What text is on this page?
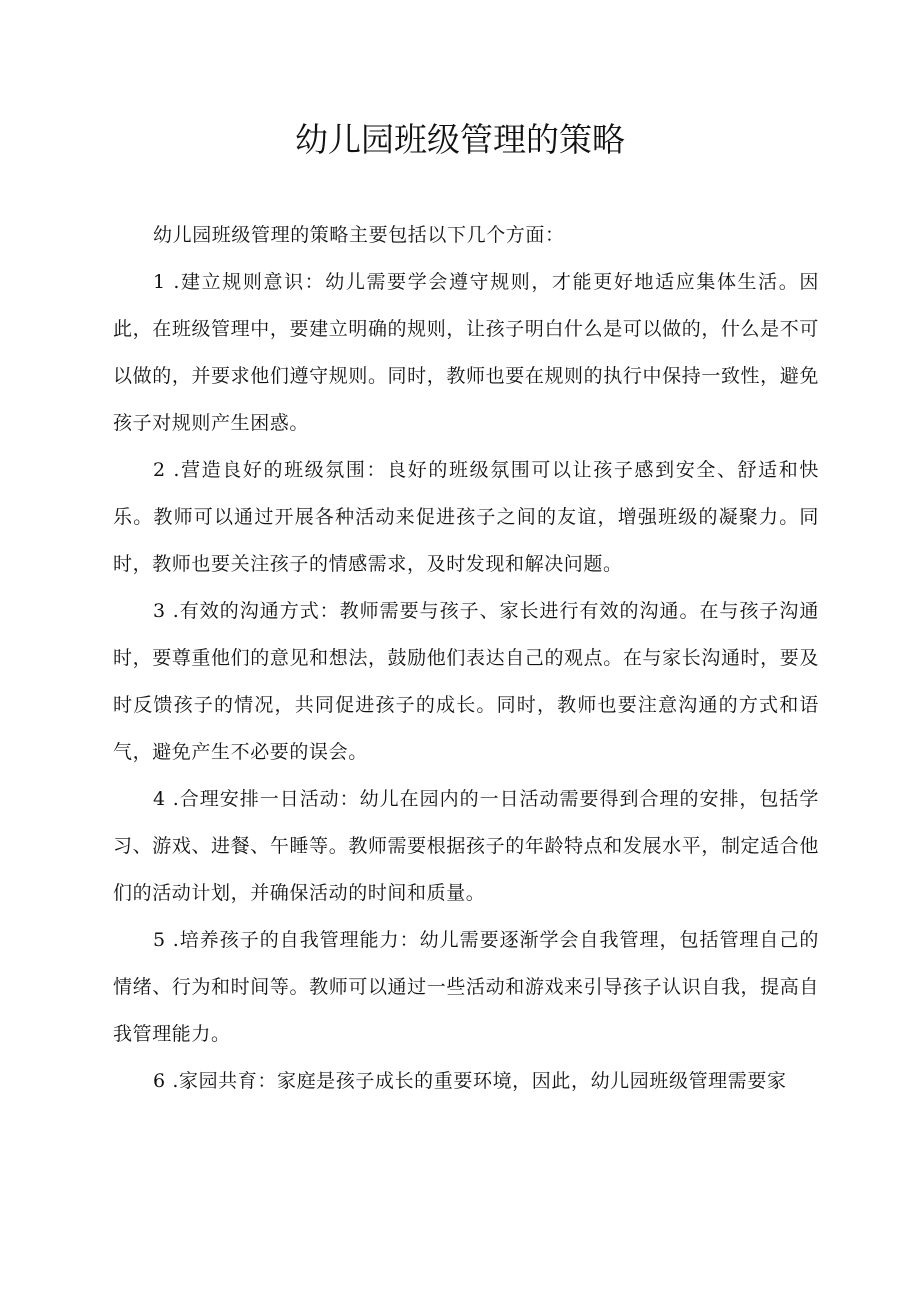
幼儿园班级管理的策略

幼儿园班级管理的策略主要包括以下几个方面：

1 .建立规则意识：幼儿需要学会遵守规则，才能更好地适应集体生活。因此，在班级管理中，要建立明确的规则，让孩子明白什么是可以做的，什么是不可以做的，并要求他们遵守规则。同时，教师也要在规则的执行中保持一致性，避免孩子对规则产生困惑。

2 .营造良好的班级氛围：良好的班级氛围可以让孩子感到安全、舒适和快乐。教师可以通过开展各种活动来促进孩子之间的友谊，增强班级的凝聚力。同时，教师也要关注孩子的情感需求，及时发现和解决问题。

3 .有效的沟通方式：教师需要与孩子、家长进行有效的沟通。在与孩子沟通时，要尊重他们的意见和想法，鼓励他们表达自己的观点。在与家长沟通时，要及时反馈孩子的情况，共同促进孩子的成长。同时，教师也要注意沟通的方式和语气，避免产生不必要的误会。

4 .合理安排一日活动：幼儿在园内的一日活动需要得到合理的安排，包括学习、游戏、进餐、午睡等。教师需要根据孩子的年龄特点和发展水平，制定适合他们的活动计划，并确保活动的时间和质量。

5 .培养孩子的自我管理能力：幼儿需要逐渐学会自我管理，包括管理自己的情绪、行为和时间等。教师可以通过一些活动和游戏来引导孩子认识自我，提高自我管理能力。

6 .家园共育：家庭是孩子成长的重要环境，因此，幼儿园班级管理需要家
